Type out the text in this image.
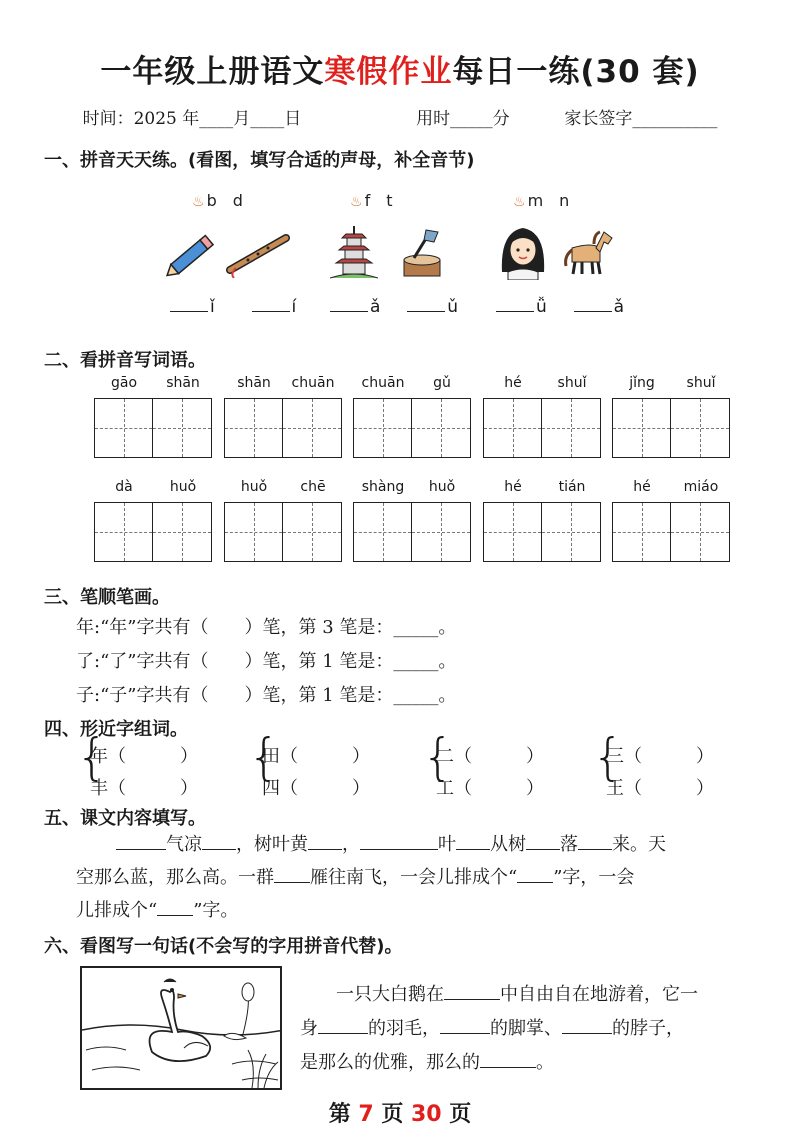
一年级上册语文寒假作业每日一练(30 套)
时间：2025 年____月____日	用时_____分	家长签字__________
一、拼音天天练。(看图，填写合适的声母，补全音节)
♨ b　d	♨ f　t	♨ m　n
ǐ	í	ǎ	ǔ	ǚ	ǎ
二、看拼音写词语。
三、笔顺笔画。
年:“年”字共有（　　）笔，第 3 笔是：_____。
了:“了”字共有（　　）笔，第 1 笔是：_____。
子:“子”字共有（　　）笔，第 1 笔是：_____。
四、形近字组词。
{
年（　　　）
丰（　　　）
{
田（　　　）
四（　　　）
{
二（　　　）
工（　　　）
{
三（　　　）
王（　　　）
五、课文内容填写。
气凉 ，树叶黄 ，	叶 从树 落 来。天
空那么蓝，那么高。一群 雁往南飞，一会儿排成个“ ”字，一会
儿排成个“ ”字。
六、看图写一句话(不会写的字用拼音代替)。
一只大白鹅在	中自由自在地游着，它一
身	的羽毛，	的脚掌、	的脖子，
是那么的优雅，那么的	。
第 7 页 30 页
gāo	shān	shān	chuān	chuān	gǔ	hé	shuǐ	jǐng	shuǐ
dà	huǒ	huǒ	chē	shàng	huǒ	hé	tián	hé	miáo
